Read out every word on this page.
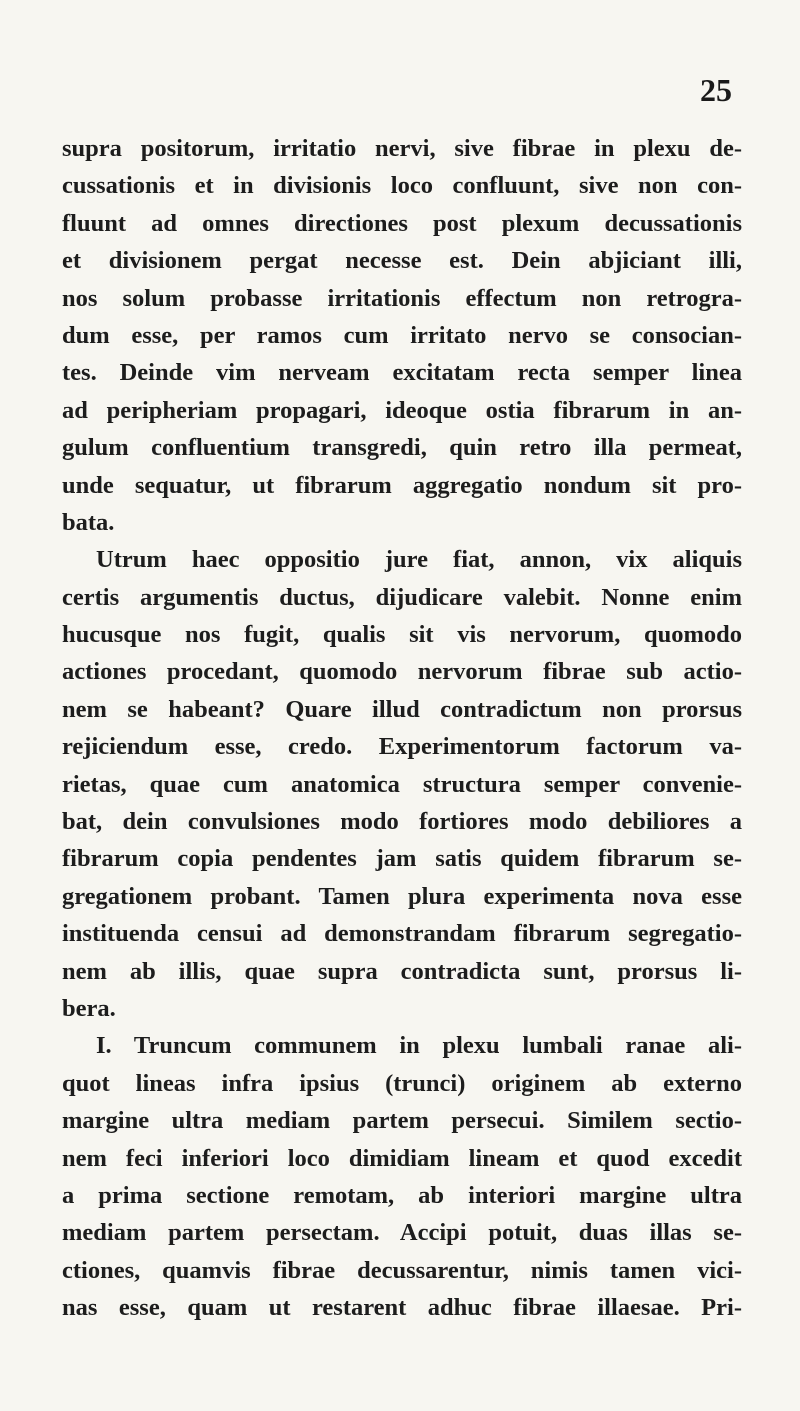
25
supra positorum, irritatio nervi, sive fibrae in plexu de-
cussationis et in divisionis loco confluunt, sive non con-
fluunt ad omnes directiones post plexum decussationis
et divisionem pergat necesse est. Dein abjiciant illi,
nos solum probasse irritationis effectum non retrogra-
dum esse, per ramos cum irritato nervo se consocian-
tes. Deinde vim nerveam excitatam recta semper linea
ad peripheriam propagari, ideoque ostia fibrarum in an-
gulum confluentium transgredi, quin retro illa permeat,
unde sequatur, ut fibrarum aggregatio nondum sit pro-
bata.
Utrum haec oppositio jure fiat, annon, vix aliquis
certis argumentis ductus, dijudicare valebit. Nonne enim
hucusque nos fugit, qualis sit vis nervorum, quomodo
actiones procedant, quomodo nervorum fibrae sub actio-
nem se habeant? Quare illud contradictum non prorsus
rejiciendum esse, credo. Experimentorum factorum va-
rietas, quae cum anatomica structura semper convenie-
bat, dein convulsiones modo fortiores modo debiliores a
fibrarum copia pendentes jam satis quidem fibrarum se-
gregationem probant. Tamen plura experimenta nova esse
instituenda censui ad demonstrandam fibrarum segregatio-
nem ab illis, quae supra contradicta sunt, prorsus li-
bera.
I. Truncum communem in plexu lumbali ranae ali-
quot lineas infra ipsius (trunci) originem ab externo
margine ultra mediam partem persecui. Similem sectio-
nem feci inferiori loco dimidiam lineam et quod excedit
a prima sectione remotam, ab interiori margine ultra
mediam partem persectam. Accipi potuit, duas illas se-
ctiones, quamvis fibrae decussarentur, nimis tamen vici-
nas esse, quam ut restarent adhuc fibrae illaesae. Pri-
